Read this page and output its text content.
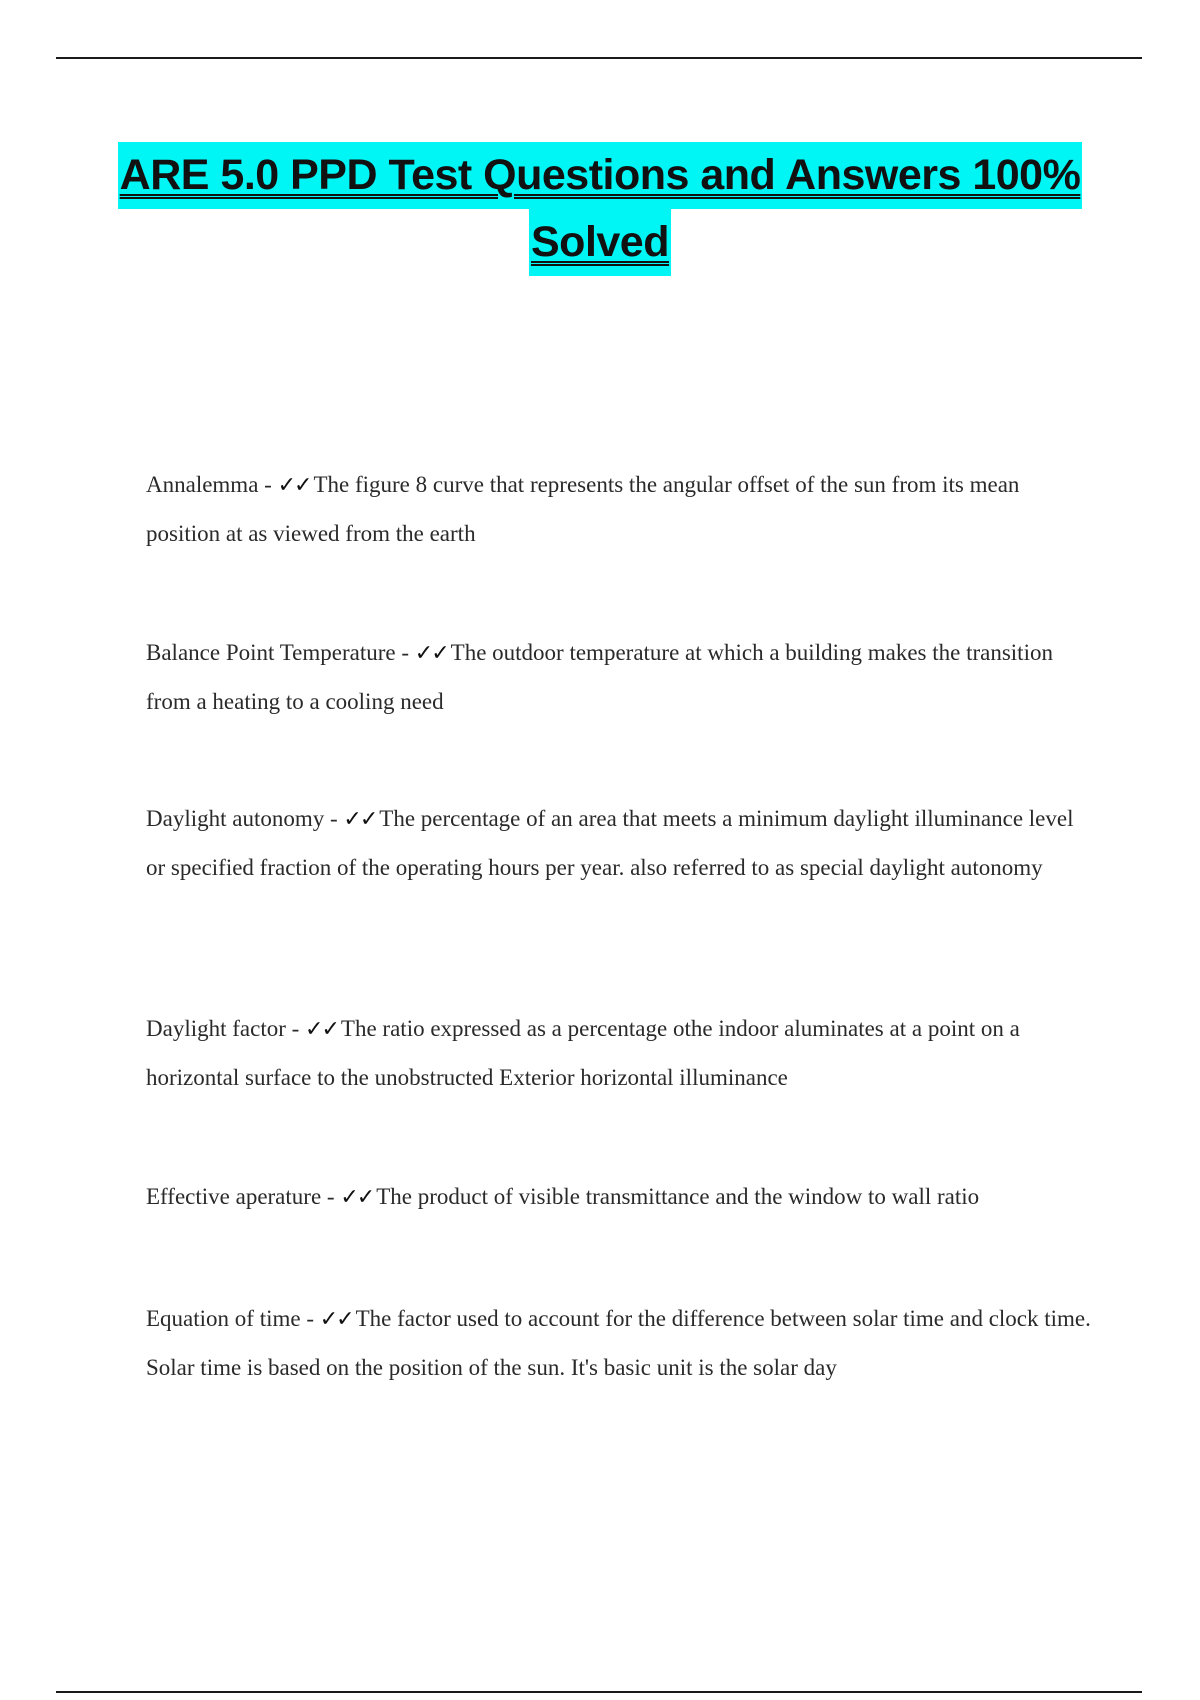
ARE 5.0 PPD Test Questions and Answers 100%
Solved
Annalemma - ✓✓ The figure 8 curve that represents the angular offset of the sun from its mean position at as viewed from the earth
Balance Point Temperature - ✓✓ The outdoor temperature at which a building makes the transition from a heating to a cooling need
Daylight autonomy - ✓✓ The percentage of an area that meets a minimum daylight illuminance level or specified fraction of the operating hours per year. also referred to as special daylight autonomy
Daylight factor - ✓✓ The ratio expressed as a percentage othe indoor aluminates at a point on a horizontal surface to the unobstructed Exterior horizontal illuminance
Effective aperature - ✓✓ The product of visible transmittance and the window to wall ratio
Equation of time - ✓✓ The factor used to account for the difference between solar time and clock time. Solar time is based on the position of the sun. It's basic unit is the solar day
